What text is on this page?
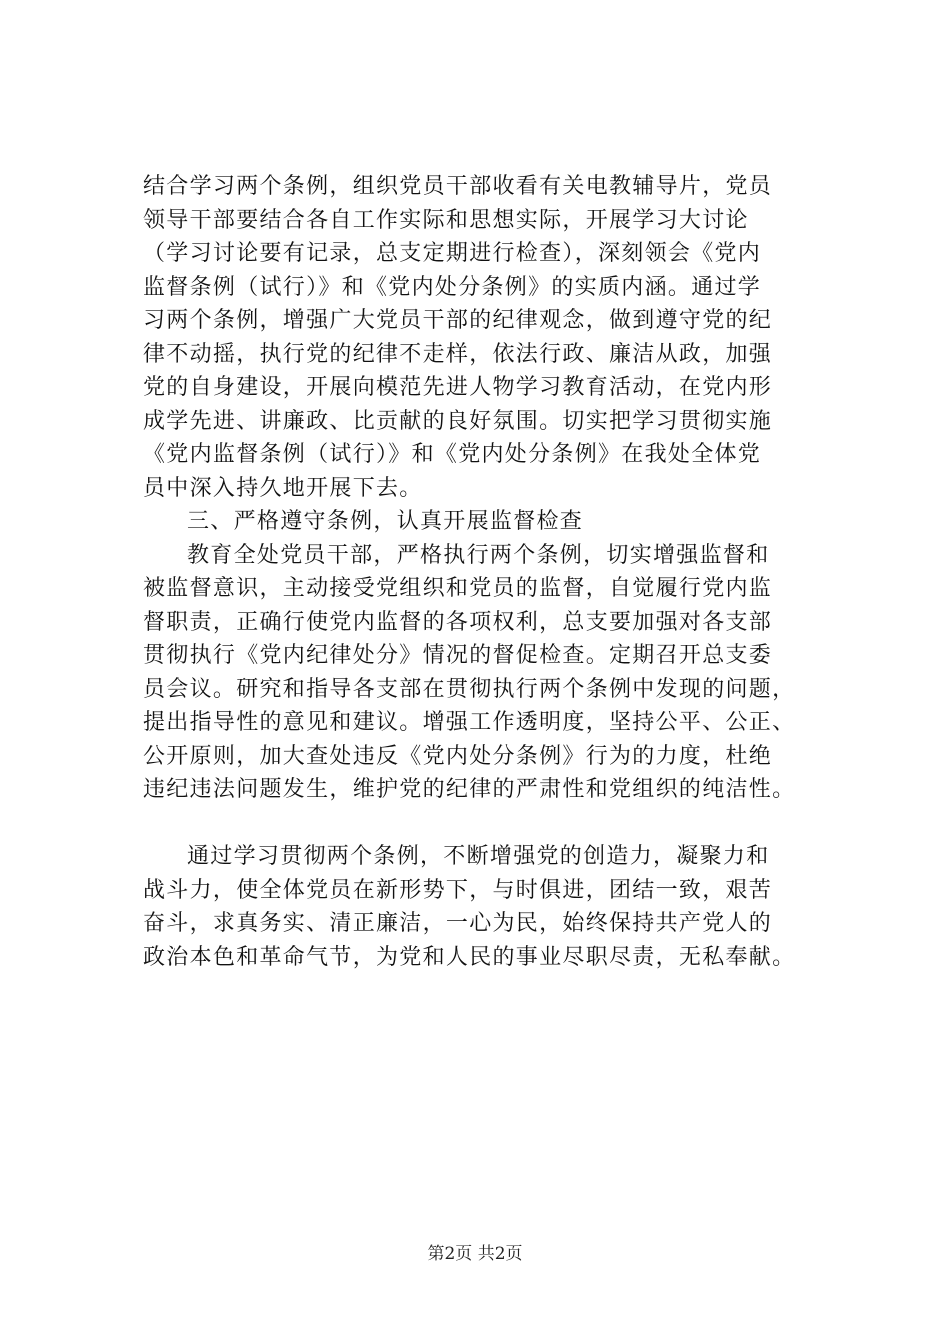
结合学习两个条例，组织党员干部收看有关电教辅导片，党员
领导干部要结合各自工作实际和思想实际，开展学习大讨论
（学习讨论要有记录，总支定期进行检查），深刻领会《党内
监督条例（试行）》和《党内处分条例》的实质内涵。通过学
习两个条例，增强广大党员干部的纪律观念，做到遵守党的纪
律不动摇，执行党的纪律不走样，依法行政、廉洁从政，加强
党的自身建设，开展向模范先进人物学习教育活动，在党内形
成学先进、讲廉政、比贡献的良好氛围。切实把学习贯彻实施
《党内监督条例（试行）》和《党内处分条例》在我处全体党
员中深入持久地开展下去。
三、严格遵守条例，认真开展监督检查
教育全处党员干部，严格执行两个条例，切实增强监督和
被监督意识，主动接受党组织和党员的监督，自觉履行党内监
督职责，正确行使党内监督的各项权利，总支要加强对各支部
贯彻执行《党内纪律处分》情况的督促检查。定期召开总支委
员会议。研究和指导各支部在贯彻执行两个条例中发现的问题，
提出指导性的意见和建议。增强工作透明度，坚持公平、公正、
公开原则，加大查处违反《党内处分条例》行为的力度，杜绝
违纪违法问题发生，维护党的纪律的严肃性和党组织的纯洁性。
通过学习贯彻两个条例，不断增强党的创造力，凝聚力和
战斗力，使全体党员在新形势下，与时俱进，团结一致，艰苦
奋斗，求真务实、清正廉洁，一心为民，始终保持共产党人的
政治本色和革命气节，为党和人民的事业尽职尽责，无私奉献。
第2页 共2页
